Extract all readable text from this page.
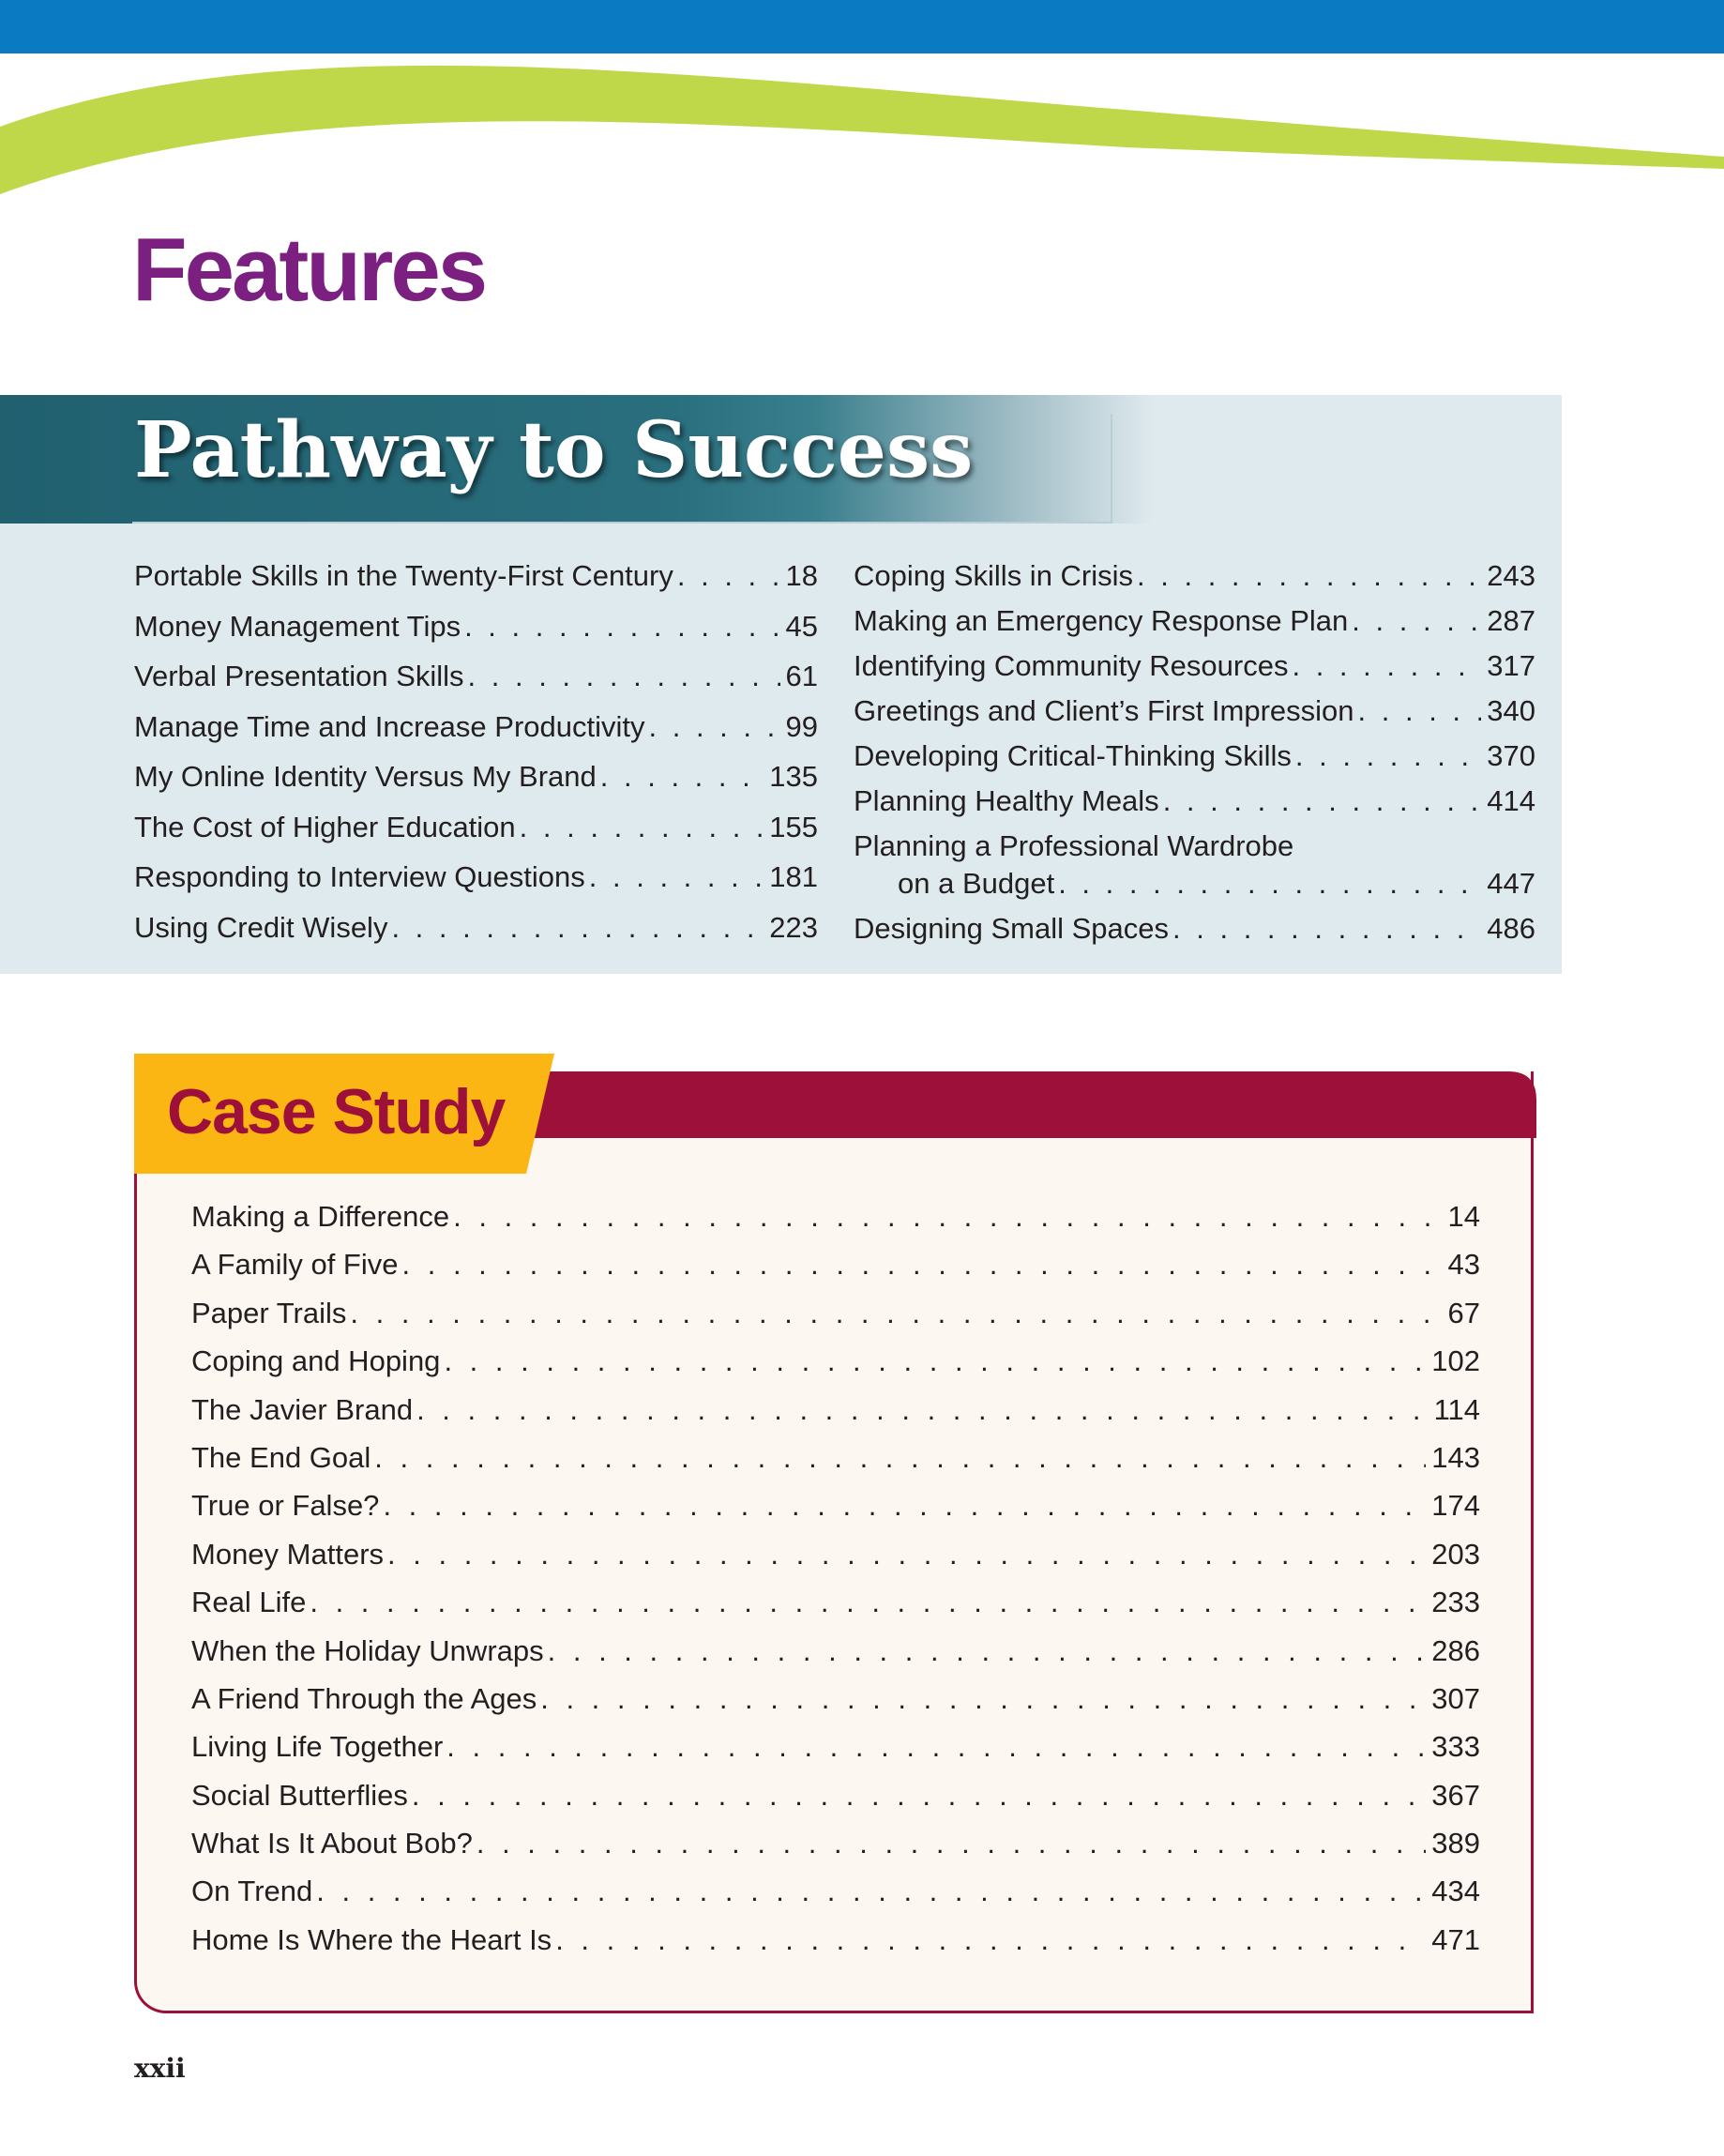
Features
Pathway to Success
Portable Skills in the Twenty-First Century . . .	18
Money Management Tips . . .	45
Verbal Presentation Skills . . .	61
Manage Time and Increase Productivity . . .	99
My Online Identity Versus My Brand . . .	135
The Cost of Higher Education . . .	155
Responding to Interview Questions . . .	181
Using Credit Wisely . . .	223
Coping Skills in Crisis . . .	243
Making an Emergency Response Plan . . .	287
Identifying Community Resources . . .	317
Greetings and Client’s First Impression . . .	340
Developing Critical-Thinking Skills . . .	370
Planning Healthy Meals . . .	414
Planning a Professional Wardrobe
on a Budget . . .	447
Designing Small Spaces . . .	486
Case Study
Making a Difference . . .	14
A Family of Five . . .	43
Paper Trails . . .	67
Coping and Hoping . . .	102
The Javier Brand . . .	114
The End Goal . . .	143
True or False? . . .	174
Money Matters . . .	203
Real Life . . .	233
When the Holiday Unwraps . . .	286
A Friend Through the Ages . . .	307
Living Life Together . . .	333
Social Butterflies . . .	367
What Is It About Bob? . . .	389
On Trend . . .	434
Home Is Where the Heart Is . . .	471

xxii
